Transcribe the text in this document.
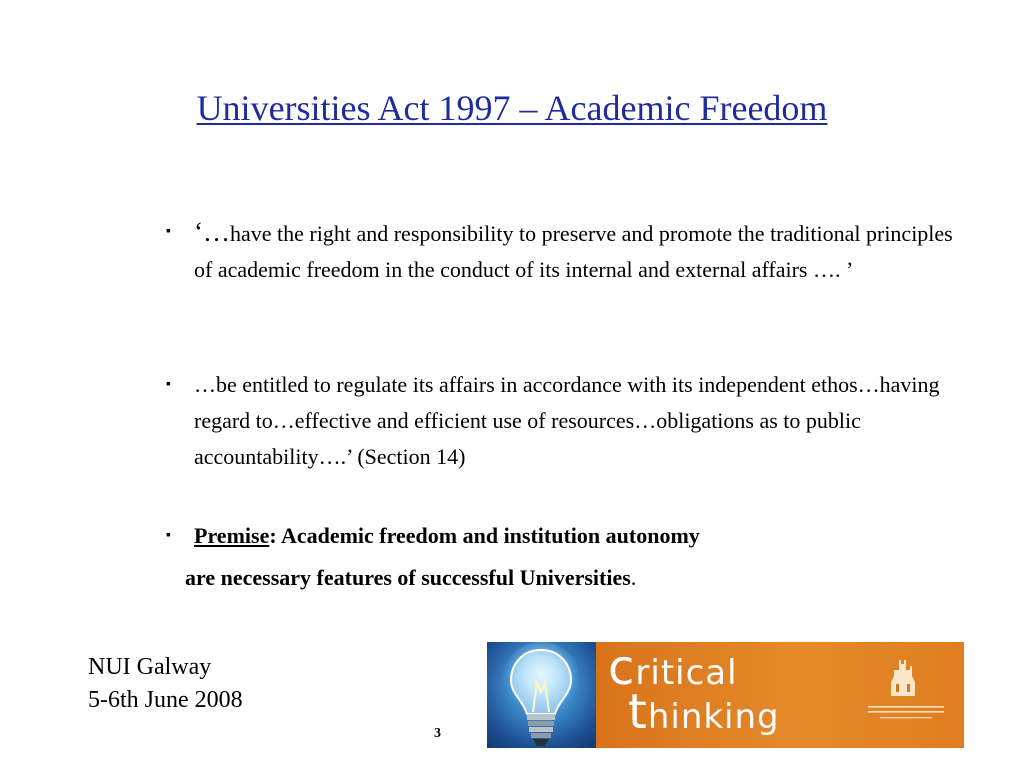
Universities Act 1997 – Academic Freedom
▪ ‘…have the right and responsibility to preserve and promote the traditional principles of academic freedom in the conduct of its internal and external affairs …. ’
▪ …be entitled to regulate its affairs in accordance with its independent ethos…having regard to…effective and efficient use of resources…obligations as to public accountability….’ (Section 14)
▪ Premise: Academic freedom and institution autonomy
are necessary features of successful Universities.
NUI Galway
5-6th June 2008
3
critical
thinking
